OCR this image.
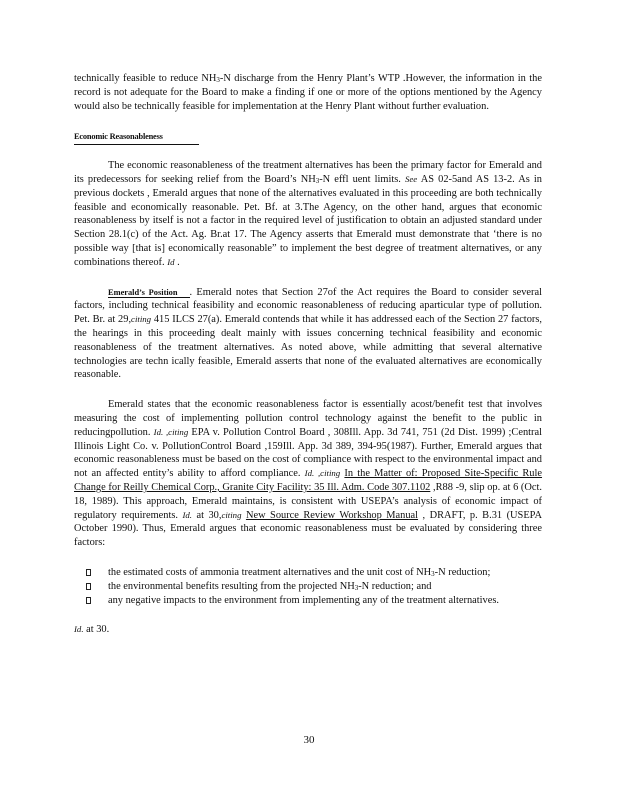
technically feasible to reduce $NH_3-N$ discharge from the Henry Plant’s WTP .However, the information in the record is not adequate for the Board to make a finding if one or more of the options mentioned by the Agency would also be technically feasible for implementation at the Henry Plant without further evaluation.

Economic Reasonableness

The economic reasonableness of the treatment alternatives has been the primary factor for Emerald and its predecessors for seeking relief from the Board’s $NH_3-N$ effl uent limits. See AS 02-5and AS 13-2. As in previous dockets , Emerald argues that none of the alternatives evaluated in this proceeding are both technically feasible and economically reasonable. Pet. Bf. at 3.The Agency, on the other hand, argues that economic reasonableness by itself is not a factor in the required level of justification to obtain an adjusted standard under Section 28.1(c) of the Act. Ag. Br.at 17. The Agency asserts that Emerald must demonstrate that ‘there is no possible way [that is] economically reasonable” to implement the best degree of treatment alternatives, or any combinations thereof. Id .

Emerald’s Position . Emerald notes that Section 27of the Act requires the Board to consider several factors, including technical feasibility and economic reasonableness of reducing aparticular type of pollution. Pet. Br. at 29,citing 415 ILCS 27(a). Emerald contends that while it has addressed each of the Section 27 factors, the hearings in this proceeding dealt mainly with issues concerning technical feasibility and economic reasonableness of the treatment alternatives. As noted above, while admitting that several alternative technologies are techn ically feasible, Emerald asserts that none of the evaluated alternatives are economically reasonable.

Emerald states that the economic reasonableness factor is essentially acost/benefit test that involves measuring the cost of implementing pollution control technology against the benefit to the public in reducingpollution. Id. ,citing EPA v. Pollution Control Board , 308Ill. App. 3d 741, 751 (2d Dist. 1999) ;Central Illinois Light Co. v. PollutionControl Board ,159Ill. App. 3d 389, 394-95(1987). Further, Emerald argues that economic reasonableness must be based on the cost of compliance with respect to the environmental impact and not an affected entity’s ability to afford compliance. Id. ,citing In the Matter of: Proposed Site-Specific Rule Change for Reilly Chemical Corp., Granite City Facility: 35 Ill. Adm. Code 307.1102 ,R88 -9, slip op. at 6 (Oct. 18, 1989). This approach, Emerald maintains, is consistent with USEPA’s analysis of economic impact of regulatory requirements. Id. at 30,citing New Source Review Workshop Manual , DRAFT, p. B.31 (USEPA October 1990). Thus, Emerald argues that economic reasonableness must be evaluated by considering three factors:

the estimated costs of ammonia treatment alternatives and the unit cost of $NH_3-N$ reduction;
the environmental benefits resulting from the projected $NH_3-N$ reduction; and
any negative impacts to the environment from implementing any of the treatment alternatives.

Id. at 30.

30
